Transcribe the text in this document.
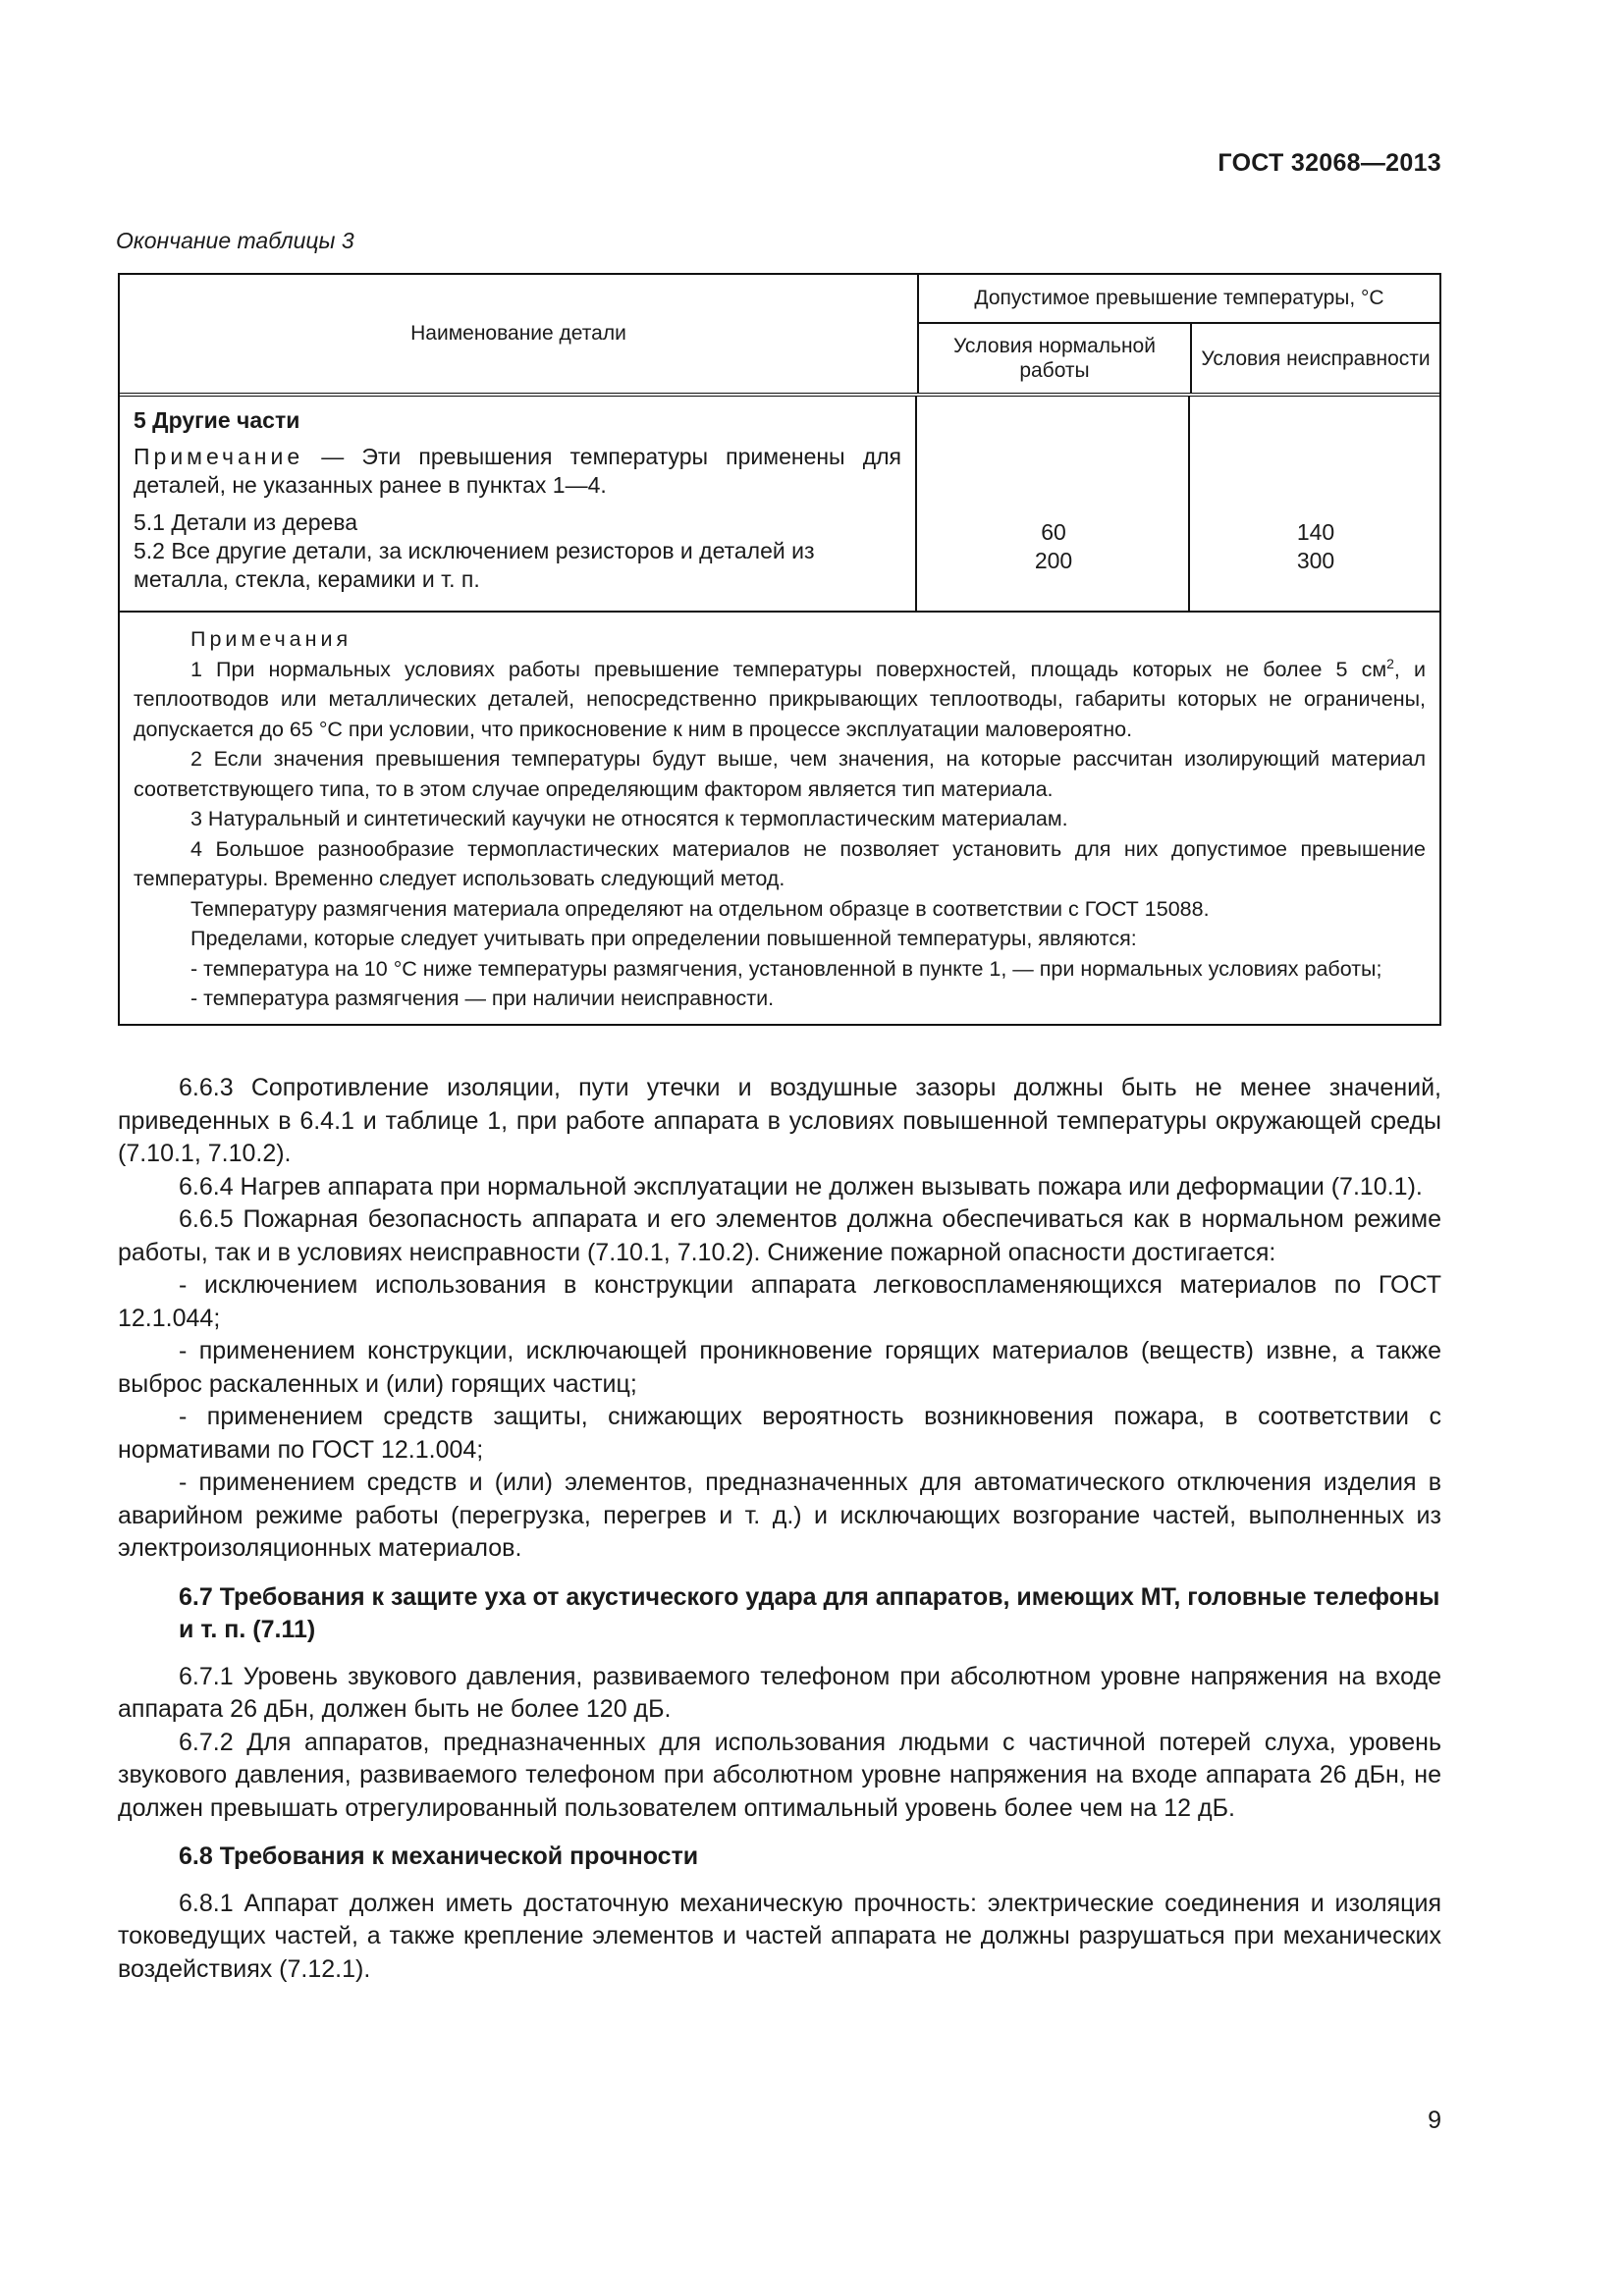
ГОСТ 32068—2013
Окончание таблицы 3
Наименование детали
Допустимое превышение температуры, °С
Условия нормальной работы
Условия неисправности
5 Другие части
Примечание — Эти превышения температуры применены для деталей, не указанных ранее в пунктах 1—4.
5.1 Детали из дерева
5.2 Все другие детали, за исключением резисторов и деталей из металла, стекла, керамики и т. п.
60
200
140
300

Примечания

1 При нормальных условиях работы превышение температуры поверхностей, площадь которых не более 5 $см^2$, и теплоотводов или металлических деталей, непосредственно прикрывающих теплоотводы, габариты которых не ограничены, допускается до 65 °С при условии, что прикосновение к ним в процессе эксплуатации маловероятно.

2 Если значения превышения температуры будут выше, чем значения, на которые рассчитан изолирующий материал соответствующего типа, то в этом случае определяющим фактором является тип материала.

3 Натуральный и синтетический каучуки не относятся к термопластическим материалам.

4 Большое разнообразие термопластических материалов не позволяет установить для них допустимое превышение температуры. Временно следует использовать следующий метод.

Температуру размягчения материала определяют на отдельном образце в соответствии с ГОСТ 15088.

Пределами, которые следует учитывать при определении повышенной температуры, являются:

- температура на 10 °С ниже температуры размягчения, установленной в пункте 1, — при нормальных условиях работы;

- температура размягчения — при наличии неисправности.

6.6.3 Сопротивление изоляции, пути утечки и воздушные зазоры должны быть не менее значений, приведенных в 6.4.1 и таблице 1, при работе аппарата в условиях повышенной температуры окружающей среды (7.10.1, 7.10.2).

6.6.4 Нагрев аппарата при нормальной эксплуатации не должен вызывать пожара или деформации (7.10.1).

6.6.5 Пожарная безопасность аппарата и его элементов должна обеспечиваться как в нормальном режиме работы, так и в условиях неисправности (7.10.1, 7.10.2). Снижение пожарной опасности достигается:

- исключением использования в конструкции аппарата легковоспламеняющихся материалов по ГОСТ 12.1.044;

- применением конструкции, исключающей проникновение горящих материалов (веществ) извне, а также выброс раскаленных и (или) горящих частиц;

- применением средств защиты, снижающих вероятность возникновения пожара, в соответствии с нормативами по ГОСТ 12.1.004;

- применением средств и (или) элементов, предназначенных для автоматического отключения изделия в аварийном режиме работы (перегрузка, перегрев и т. д.) и исключающих возгорание частей, выполненных из электроизоляционных материалов.

6.7 Требования к защите уха от акустического удара для аппаратов, имеющих МТ, головные телефоны и т. п. (7.11)

6.7.1 Уровень звукового давления, развиваемого телефоном при абсолютном уровне напряжения на входе аппарата 26 дБн, должен быть не более 120 дБ.

6.7.2 Для аппаратов, предназначенных для использования людьми с частичной потерей слуха, уровень звукового давления, развиваемого телефоном при абсолютном уровне напряжения на входе аппарата 26 дБн, не должен превышать отрегулированный пользователем оптимальный уровень более чем на 12 дБ.

6.8 Требования к механической прочности

6.8.1 Аппарат должен иметь достаточную механическую прочность: электрические соединения и изоляция токоведущих частей, а также крепление элементов и частей аппарата не должны разрушаться при механических воздействиях (7.12.1).

9
